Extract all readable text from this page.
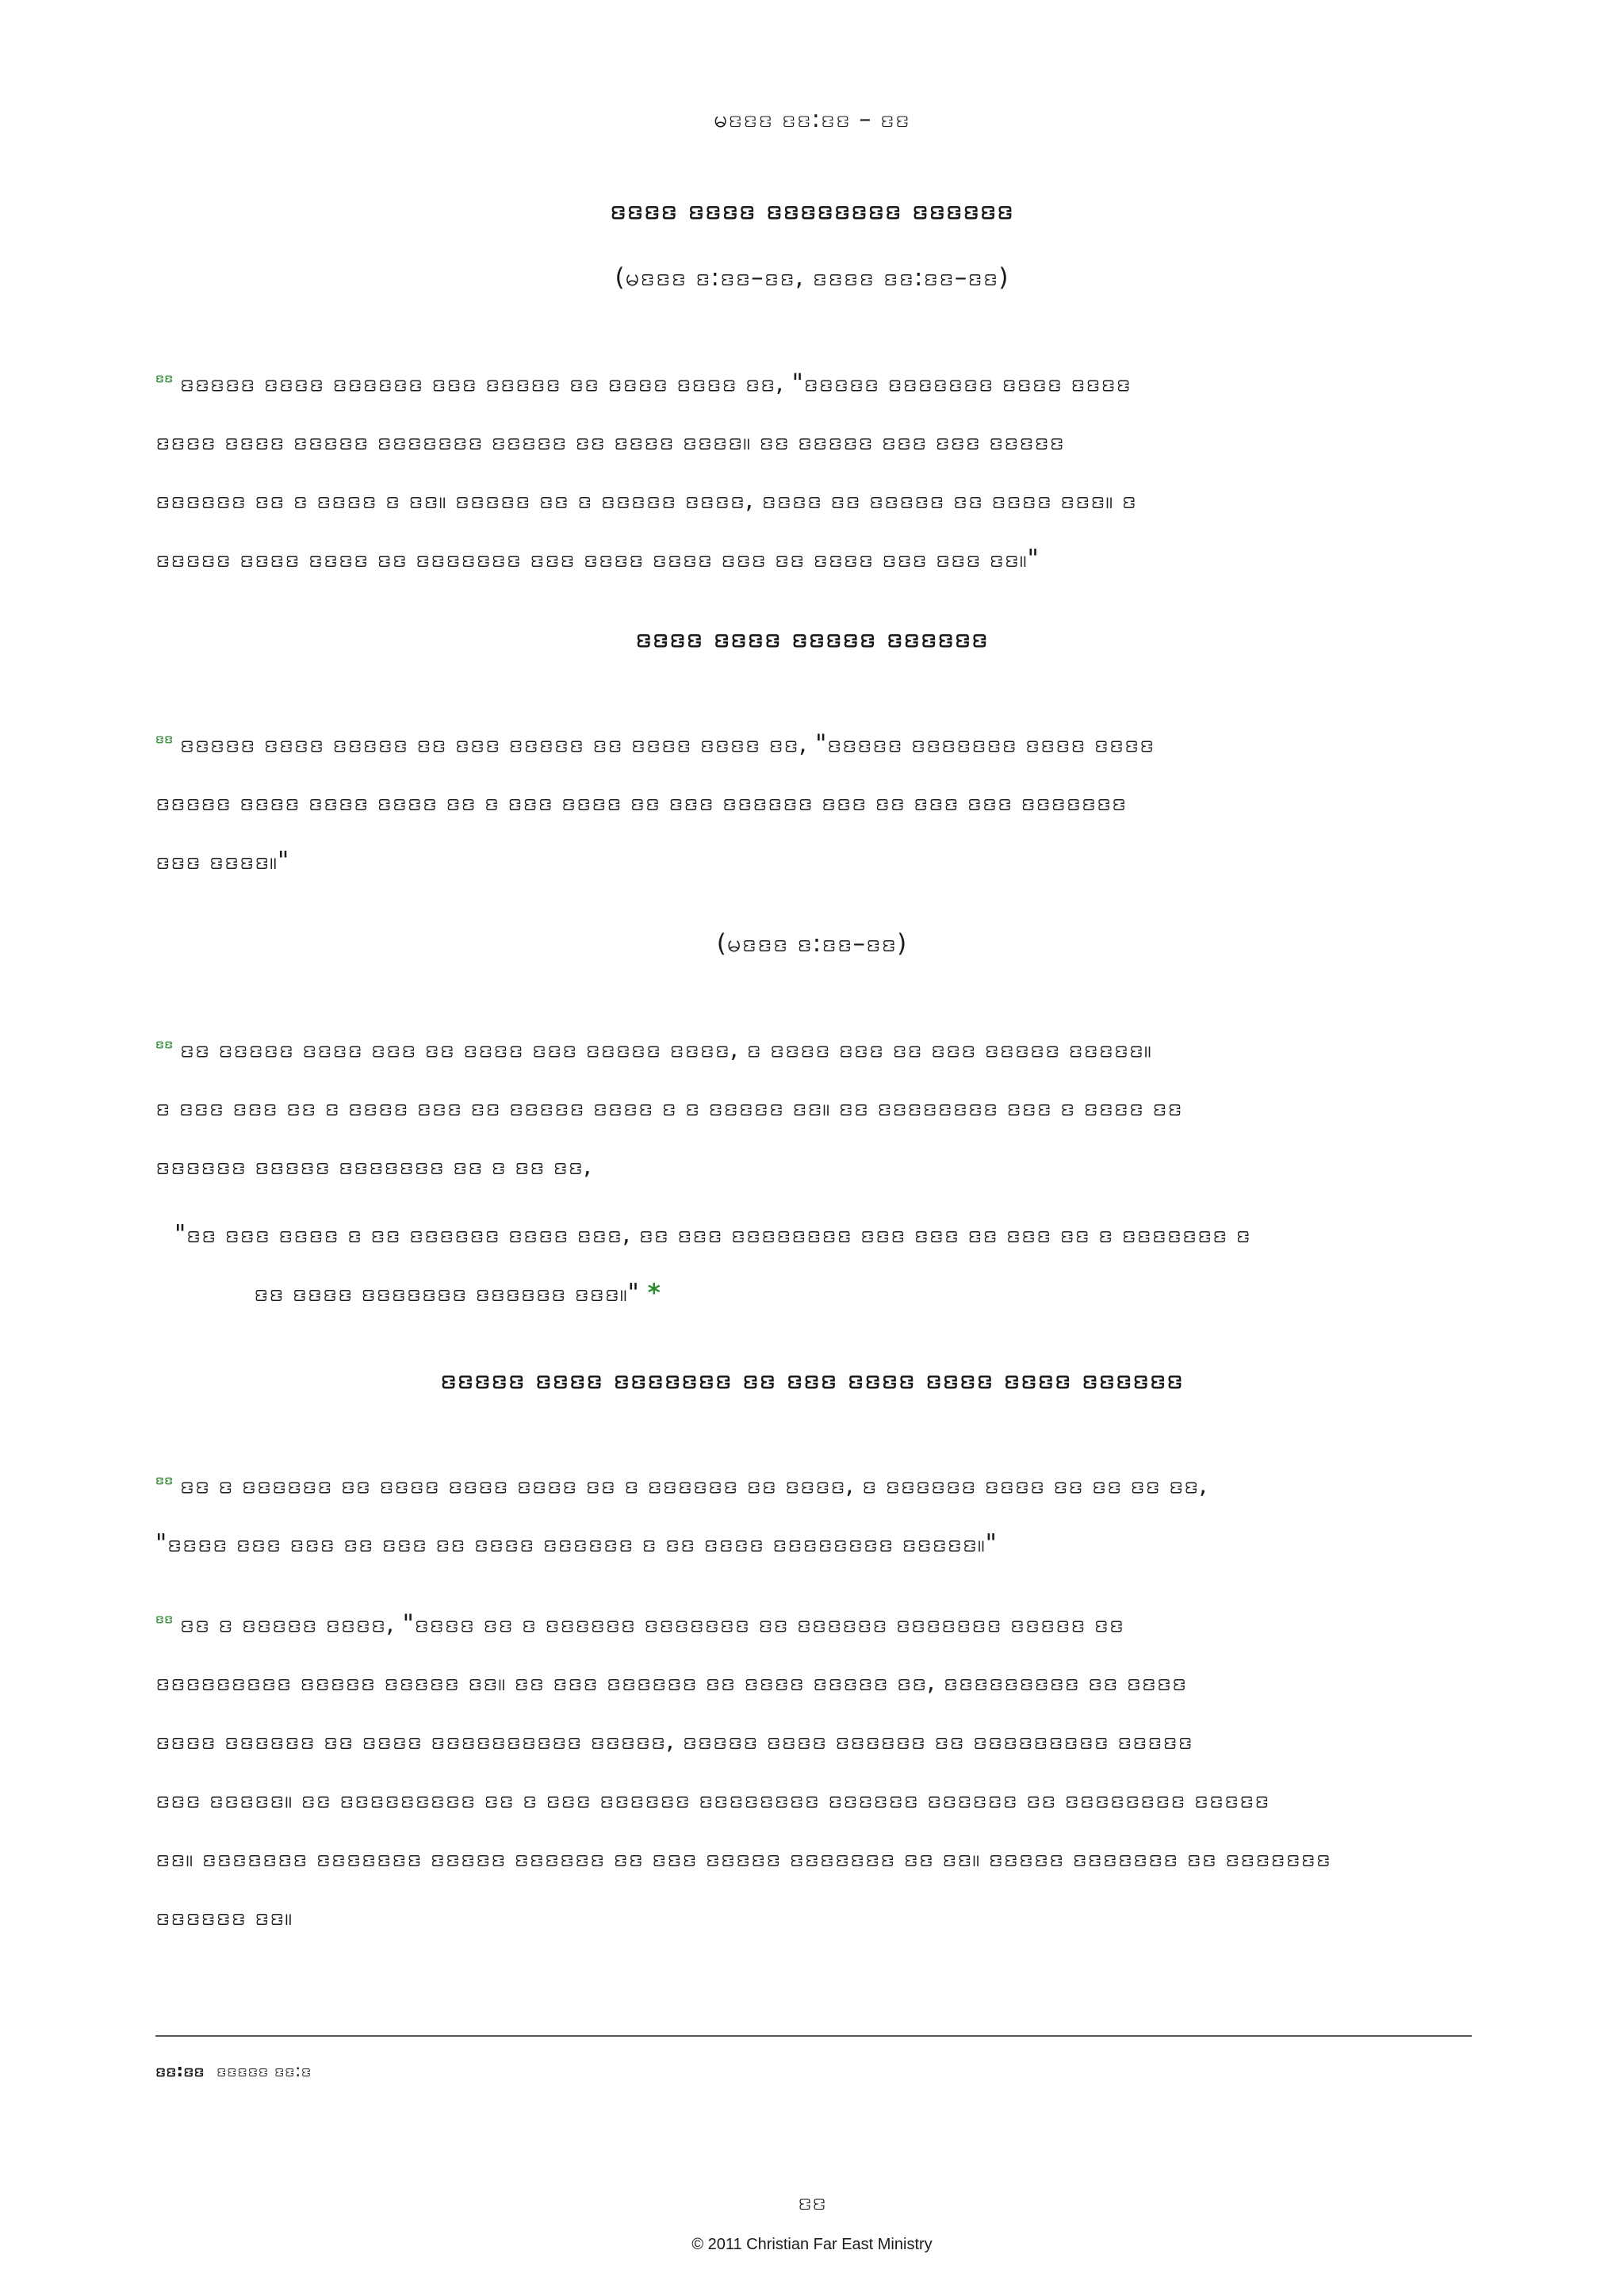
မꤢꤢꤢ ꤢꤢ:ꤢꤢ – ꤢꤢ
ꤢꤢꤢꤢ ꤢꤢꤢꤢ ꤢꤢꤢꤢꤢꤢꤢꤢ ꤢꤢꤢꤢꤢꤢ
(မꤢꤢꤢ ꤢ:ꤢꤢ–ꤢꤢ, ꤢꤢꤢꤢ ꤢꤢ:ꤢꤢ–ꤢꤢ)
$^{ꤢꤢ}$ ꤢꤢꤢꤢꤢ ꤢꤢꤢꤢ ꤢꤢꤢꤢꤢꤢ ꤢꤢꤢ ꤢꤢꤢꤢꤢ ꤢꤢ ꤢꤢꤢꤢ ꤢꤢꤢꤢ ꤢꤢ, "ꤢꤢꤢꤢꤢ ꤢꤢꤢꤢꤢꤢꤢ ꤢꤢꤢꤢ ꤢꤢꤢꤢ
ꤢꤢꤢꤢ ꤢꤢꤢꤢ ꤢꤢꤢꤢꤢ ꤢꤢꤢꤢꤢꤢꤢ ꤢꤢꤢꤢꤢ ꤢꤢ ꤢꤢꤢꤢ ꤢꤢꤢꤢ။ ꤢꤢ ꤢꤢꤢꤢꤢ ꤢꤢꤢ ꤢꤢꤢ ꤢꤢꤢꤢꤢ
ꤢꤢꤢꤢꤢꤢ ꤢꤢ ꤢ ꤢꤢꤢꤢ ꤢ ꤢꤢ။ ꤢꤢꤢꤢꤢ ꤢꤢ ꤢ ꤢꤢꤢꤢꤢ ꤢꤢꤢꤢ, ꤢꤢꤢꤢ ꤢꤢ ꤢꤢꤢꤢꤢ ꤢꤢ ꤢꤢꤢꤢ ꤢꤢꤢ။ ꤢ
ꤢꤢꤢꤢꤢ ꤢꤢꤢꤢ ꤢꤢꤢꤢ ꤢꤢ ꤢꤢꤢꤢꤢꤢꤢ ꤢꤢꤢ ꤢꤢꤢꤢ ꤢꤢꤢꤢ ꤢꤢꤢ ꤢꤢ ꤢꤢꤢꤢ ꤢꤢꤢ ꤢꤢꤢ ꤢꤢ။"
ꤢꤢꤢꤢ ꤢꤢꤢꤢ ꤢꤢꤢꤢꤢ ꤢꤢꤢꤢꤢꤢ
$^{ꤢꤢ}$ ꤢꤢꤢꤢꤢ ꤢꤢꤢꤢ ꤢꤢꤢꤢꤢ ꤢꤢ ꤢꤢꤢ ꤢꤢꤢꤢꤢ ꤢꤢ ꤢꤢꤢꤢ ꤢꤢꤢꤢ ꤢꤢ, "ꤢꤢꤢꤢꤢ ꤢꤢꤢꤢꤢꤢꤢ ꤢꤢꤢꤢ ꤢꤢꤢꤢ
ꤢꤢꤢꤢꤢ ꤢꤢꤢꤢ ꤢꤢꤢꤢ ꤢꤢꤢꤢ ꤢꤢ ꤢ ꤢꤢꤢ ꤢꤢꤢꤢ ꤢꤢ ꤢꤢꤢ ꤢꤢꤢꤢꤢꤢ ꤢꤢꤢ ꤢꤢ ꤢꤢꤢ ꤢꤢꤢ ꤢꤢꤢꤢꤢꤢꤢ
ꤢꤢꤢ ꤢꤢꤢꤢ။"
(မꤢꤢꤢ ꤢ:ꤢꤢ–ꤢꤢ)
$^{ꤢꤢ}$ ꤢꤢ ꤢꤢꤢꤢꤢ ꤢꤢꤢꤢ ꤢꤢꤢ ꤢꤢ ꤢꤢꤢꤢ ꤢꤢꤢ ꤢꤢꤢꤢꤢ ꤢꤢꤢꤢ, ꤢ ꤢꤢꤢꤢ ꤢꤢꤢ ꤢꤢ ꤢꤢꤢ ꤢꤢꤢꤢꤢ ꤢꤢꤢꤢꤢ။
ꤢ ꤢꤢꤢ ꤢꤢꤢ ꤢꤢ ꤢ ꤢꤢꤢꤢ ꤢꤢꤢ ꤢꤢ ꤢꤢꤢꤢꤢ ꤢꤢꤢꤢ ꤢ ꤢ ꤢꤢꤢꤢꤢ ꤢꤢ။ ꤢꤢ ꤢꤢꤢꤢꤢꤢꤢꤢ ꤢꤢꤢ ꤢ ꤢꤢꤢꤢ ꤢꤢ
ꤢꤢꤢꤢꤢꤢ ꤢꤢꤢꤢꤢ ꤢꤢꤢꤢꤢꤢꤢ ꤢꤢ ꤢ ꤢꤢ ꤢꤢ,
"ꤢꤢ ꤢꤢꤢ ꤢꤢꤢꤢ ꤢ ꤢꤢ ꤢꤢꤢꤢꤢꤢ ꤢꤢꤢꤢ ꤢꤢꤢ, ꤢꤢ ꤢꤢꤢ ꤢꤢꤢꤢꤢꤢꤢꤢ ꤢꤢꤢ ꤢꤢꤢ ꤢꤢ ꤢꤢꤢ ꤢꤢ ꤢ ꤢꤢꤢꤢꤢꤢꤢ ꤢ
ꤢꤢ ꤢꤢꤢꤢ ꤢꤢꤢꤢꤢꤢꤢ ꤢꤢꤢꤢꤢꤢ ꤢꤢꤢ။" *
ꤢꤢꤢꤢꤢ ꤢꤢꤢꤢ ꤢꤢꤢꤢꤢꤢꤢ ꤢꤢ ꤢꤢꤢ ꤢꤢꤢꤢ ꤢꤢꤢꤢ ꤢꤢꤢꤢ ꤢꤢꤢꤢꤢꤢ
$^{ꤢꤢ}$ ꤢꤢ ꤢ ꤢꤢꤢꤢꤢꤢ ꤢꤢ ꤢꤢꤢꤢ ꤢꤢꤢꤢ ꤢꤢꤢꤢ ꤢꤢ ꤢ ꤢꤢꤢꤢꤢꤢ ꤢꤢ ꤢꤢꤢꤢ, ꤢ ꤢꤢꤢꤢꤢꤢ ꤢꤢꤢꤢ ꤢꤢ ꤢꤢ ꤢꤢ ꤢꤢ,
"ꤢꤢꤢꤢ ꤢꤢꤢ ꤢꤢꤢ ꤢꤢ ꤢꤢꤢ ꤢꤢ ꤢꤢꤢꤢ ꤢꤢꤢꤢꤢꤢ ꤢ ꤢꤢ ꤢꤢꤢꤢ ꤢꤢꤢꤢꤢꤢꤢꤢ ꤢꤢꤢꤢꤢ။"
$^{ꤢꤢ}$ ꤢꤢ ꤢ ꤢꤢꤢꤢꤢ ꤢꤢꤢꤢ, "ꤢꤢꤢꤢ ꤢꤢ ꤢ ꤢꤢꤢꤢꤢꤢ ꤢꤢꤢꤢꤢꤢꤢ ꤢꤢ ꤢꤢꤢꤢꤢꤢ ꤢꤢꤢꤢꤢꤢꤢ ꤢꤢꤢꤢꤢ ꤢꤢ
ꤢꤢꤢꤢꤢꤢꤢꤢꤢ ꤢꤢꤢꤢꤢ ꤢꤢꤢꤢꤢ ꤢꤢ။ ꤢꤢ ꤢꤢꤢ ꤢꤢꤢꤢꤢꤢ ꤢꤢ ꤢꤢꤢꤢ ꤢꤢꤢꤢꤢ ꤢꤢ, ꤢꤢꤢꤢꤢꤢꤢꤢꤢ ꤢꤢ ꤢꤢꤢꤢ
ꤢꤢꤢꤢ ꤢꤢꤢꤢꤢꤢ ꤢꤢ ꤢꤢꤢꤢ ꤢꤢꤢꤢꤢꤢꤢꤢꤢꤢ ꤢꤢꤢꤢꤢ, ꤢꤢꤢꤢꤢ ꤢꤢꤢꤢ ꤢꤢꤢꤢꤢꤢ ꤢꤢ ꤢꤢꤢꤢꤢꤢꤢꤢꤢ ꤢꤢꤢꤢꤢ
ꤢꤢꤢ ꤢꤢꤢꤢꤢ။ ꤢꤢ ꤢꤢꤢꤢꤢꤢꤢꤢꤢ ꤢꤢ ꤢ ꤢꤢꤢ ꤢꤢꤢꤢꤢꤢ ꤢꤢꤢꤢꤢꤢꤢꤢ ꤢꤢꤢꤢꤢꤢ ꤢꤢꤢꤢꤢꤢ ꤢꤢ ꤢꤢꤢꤢꤢꤢꤢꤢ ꤢꤢꤢꤢꤢ
ꤢꤢ။ ꤢꤢꤢꤢꤢꤢꤢ ꤢꤢꤢꤢꤢꤢꤢ ꤢꤢꤢꤢꤢ ꤢꤢꤢꤢꤢꤢ ꤢꤢ ꤢꤢꤢ ꤢꤢꤢꤢꤢ ꤢꤢꤢꤢꤢꤢꤢ ꤢꤢ ꤢꤢ။ ꤢꤢꤢꤢꤢ ꤢꤢꤢꤢꤢꤢꤢ ꤢꤢ ꤢꤢꤢꤢꤢꤢꤢ
ꤢꤢꤢꤢꤢꤢ ꤢꤢ။
ꤢꤢ:ꤢꤢ ꤢꤢꤢꤢꤢ ꤢꤢ:ꤢ
ꤢꤢ
© 2011 Christian Far East Ministry
